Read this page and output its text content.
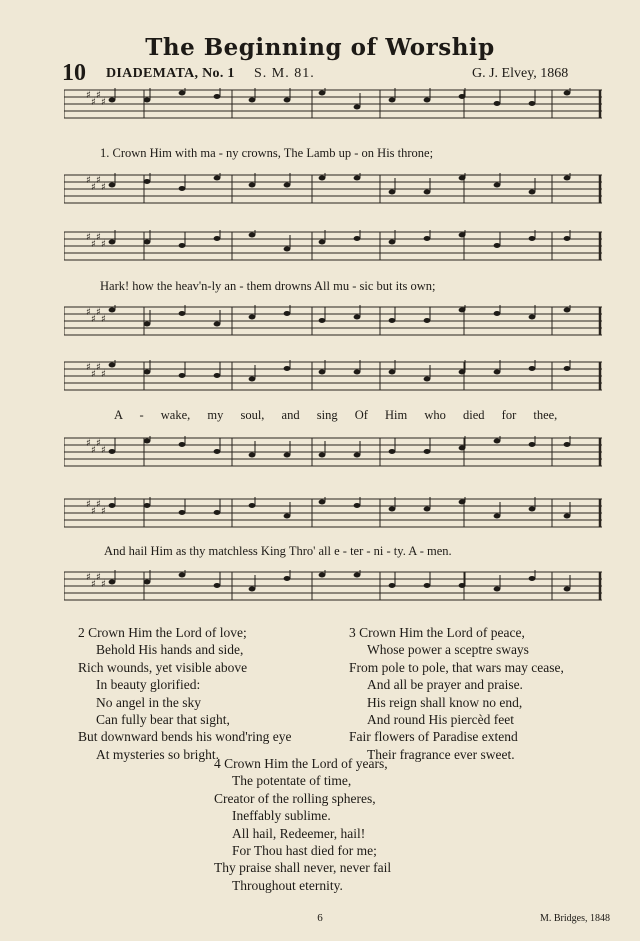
The Beginning of Worship
10 DIADEMATA, No. 1 S. M. 81.	G. J. Elvey, 1868
♯
♯
♯
♯
1. Crown Him with ma - ny crowns, The Lamb up - on His throne;
♯
♯
♯
♯
♯
♯
♯
♯
Hark! how the heav'n-ly an - them drowns All mu - sic but its own;
♯
♯
♯
♯
♯
♯
♯
♯
A - wake, my soul, and sing Of Him who died for thee,
♯
♯
♯
♯
♯
♯
♯
♯
And hail Him as thy matchless King Thro' all e - ter - ni - ty. A - men.
♯
♯
♯
♯
2 Crown Him the Lord of love;
Behold His hands and side,
Rich wounds, yet visible above
In beauty glorified:
No angel in the sky
Can fully bear that sight,
But downward bends his wond'ring eye
At mysteries so bright.
3 Crown Him the Lord of peace,
Whose power a sceptre sways
From pole to pole, that wars may cease,
And all be prayer and praise.
His reign shall know no end,
And round His piercèd feet
Fair flowers of Paradise extend
Their fragrance ever sweet.
4 Crown Him the Lord of years,
The potentate of time,
Creator of the rolling spheres,
Ineffably sublime.
All hail, Redeemer, hail!
For Thou hast died for me;
Thy praise shall never, never fail
Throughout eternity.
6	M. Bridges, 1848
